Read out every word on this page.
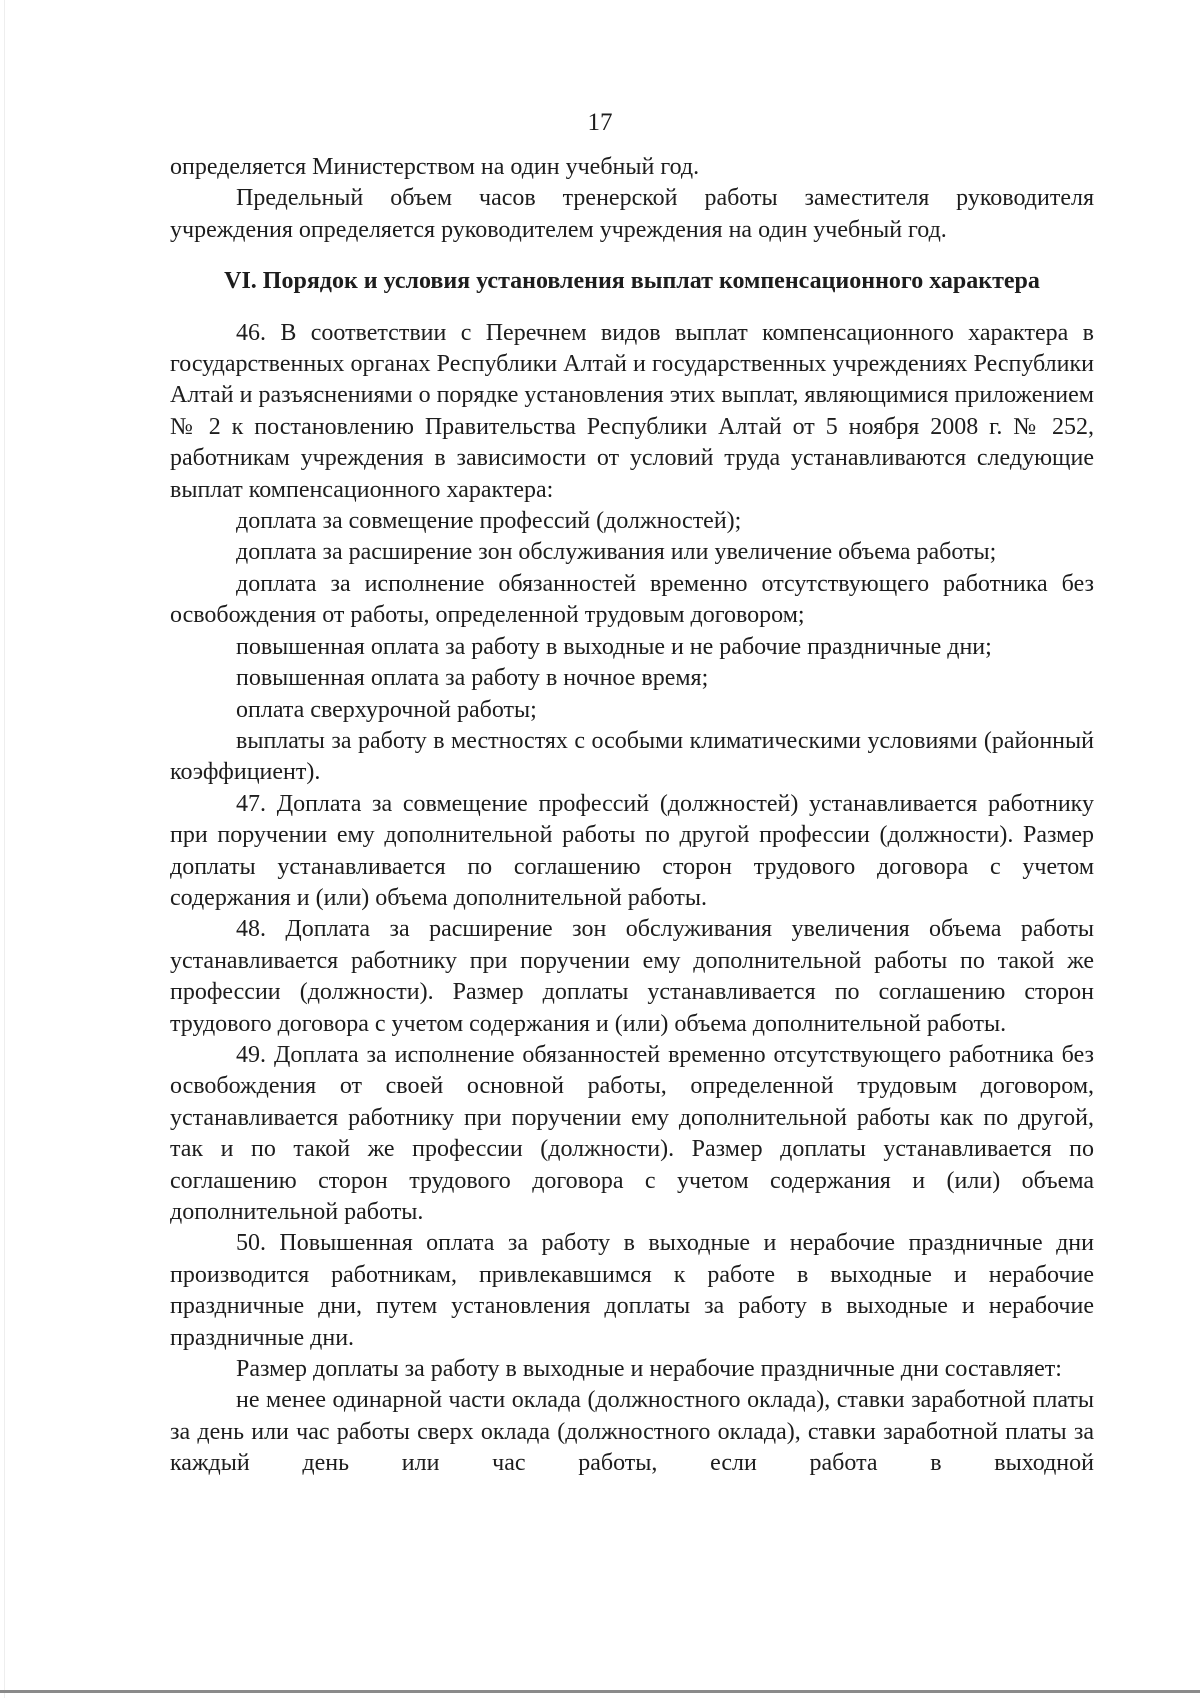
17

определяется Министерством на один учебный год.

Предельный объем часов тренерской работы заместителя руководителя учреждения определяется руководителем учреждения на один учебный год.

VI. Порядок и условия установления выплат компенсационного характера

46. В соответствии с Перечнем видов выплат компенсационного характера в государственных органах Республики Алтай и государственных учреждениях Республики Алтай и разъяснениями о порядке установления этих выплат, являющимися приложением № 2 к постановлению Правительства Республики Алтай от 5 ноября 2008 г. № 252, работникам учреждения в зависимости от условий труда устанавливаются следующие выплат компенсационного характера:

доплата за совмещение профессий (должностей);

доплата за расширение зон обслуживания или увеличение объема работы;

доплата за исполнение обязанностей временно отсутствующего работника без освобождения от работы, определенной трудовым договором;

повышенная оплата за работу в выходные и не рабочие праздничные дни;

повышенная оплата за работу в ночное время;

оплата сверхурочной работы;

выплаты за работу в местностях с особыми климатическими условиями (районный коэффициент).

47. Доплата за совмещение профессий (должностей) устанавливается работнику при поручении ему дополнительной работы по другой профессии (должности). Размер доплаты устанавливается по соглашению сторон трудового договора с учетом содержания и (или) объема дополнительной работы.

48. Доплата за расширение зон обслуживания увеличения объема работы устанавливается работнику при поручении ему дополнительной работы по такой же профессии (должности). Размер доплаты устанавливается по соглашению сторон трудового договора с учетом содержания и (или) объема дополнительной работы.

49. Доплата за исполнение обязанностей временно отсутствующего работника без освобождения от своей основной работы, определенной трудовым договором, устанавливается работнику при поручении ему дополнительной работы как по другой, так и по такой же профессии (должности). Размер доплаты устанавливается по соглашению сторон трудового договора с учетом содержания и (или) объема дополнительной работы.

50. Повышенная оплата за работу в выходные и нерабочие праздничные дни производится работникам, привлекавшимся к работе в выходные и нерабочие праздничные дни, путем установления доплаты за работу в выходные и нерабочие праздничные дни.

Размер доплаты за работу в выходные и нерабочие праздничные дни составляет:

не менее одинарной части оклада (должностного оклада), ставки заработной платы за день или час работы сверх оклада (должностного оклада), ставки заработной платы за каждый день или час работы, если работа в выходной
